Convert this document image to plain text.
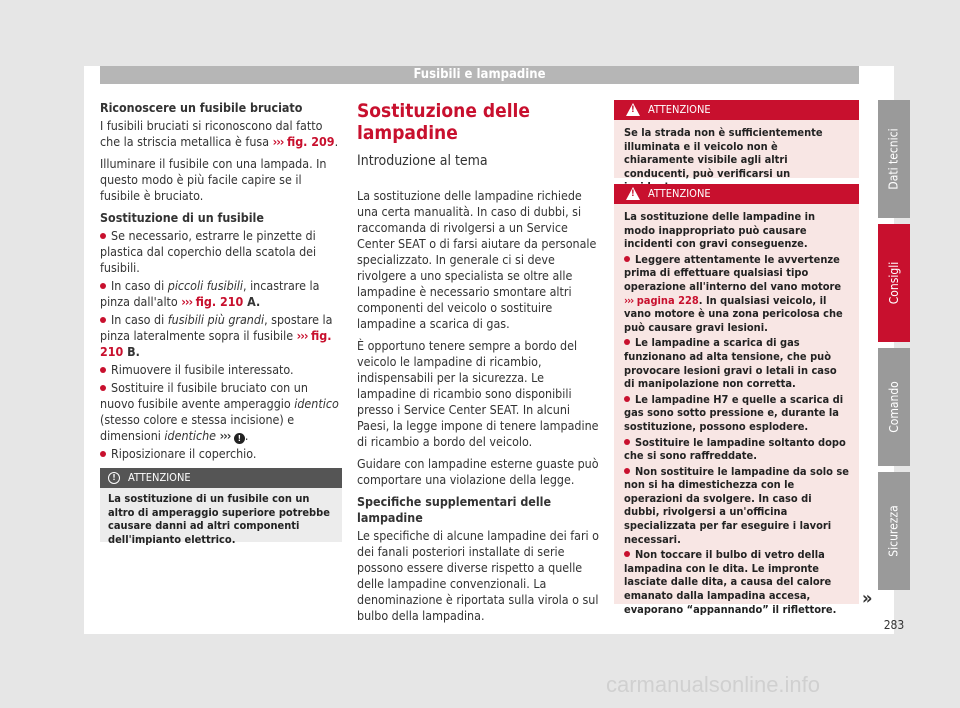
Fusibili e lampadine

Riconoscere un fusibile bruciato

I fusibili bruciati si riconoscono dal fatto che la striscia metallica è fusa ››› fig. 209.

Illuminare il fusibile con una lampada. In questo modo è più facile capire se il fusibile è bruciato.

Sostituzione di un fusibile

Se necessario, estrarre le pinzette di plastica dal coperchio della scatola dei fusibili.
In caso di piccoli fusibili, incastrare la pinza dall'alto ››› fig. 210 A.
In caso di fusibili più grandi, spostare la pinza lateralmente sopra il fusibile ››› fig. 210 B.
Rimuovere il fusibile interessato.
Sostituire il fusibile bruciato con un nuovo fusibile avente amperaggio identico (stesso colore e stessa incisione) e dimensioni identiche ››› ! .
Riposizionare il coperchio.
!	ATTENZIONE
La sostituzione di un fusibile con un altro di amperaggio superiore potrebbe causare danni ad altri componenti dell'impianto elettrico.
Sostituzione delle lampadine
Introduzione al tema

La sostituzione delle lampadine richiede una certa manualità. In caso di dubbi, si raccomanda di rivolgersi a un Service Center SEAT o di farsi aiutare da personale specializzato. In generale ci si deve rivolgere a uno specialista se oltre alle lampadine è necessario smontare altri componenti del veicolo o sostituire lampadine a scarica di gas.

È opportuno tenere sempre a bordo del veicolo le lampadine di ricambio, indispensabili per la sicurezza. Le lampadine di ricambio sono disponibili presso i Service Center SEAT. In alcuni Paesi, la legge impone di tenere lampadine di ricambio a bordo del veicolo.

Guidare con lampadine esterne guaste può comportare una violazione della legge.

Specifiche supplementari delle lampadine

Le specifiche di alcune lampadine dei fari o dei fanali posteriori installate di serie possono essere diverse rispetto a quelle delle lampadine convenzionali. La denominazione è riportata sulla virola o sul bulbo della lampadina.

!
ATTENZIONE
Se la strada non è sufficientemente illuminata e il veicolo non è chiaramente visibile agli altri conducenti, può verificarsi un
!
ATTENZIONE

La sostituzione delle lampadine in modo inappropriato può causare incidenti con gravi conseguenze.

Leggere attentamente le avvertenze prima di effettuare qualsiasi tipo operazione all'interno del vano motore ››› pagina 228. In qualsiasi veicolo, il vano motore è una zona pericolosa che può causare gravi lesioni.

Le lampadine a scarica di gas funzionano ad alta tensione, che può provocare lesioni gravi o letali in caso di manipolazione non corretta.

Le lampadine H7 e quelle a scarica di gas sono sotto pressione e, durante la sostituzione, possono esplodere.

Sostituire le lampadine soltanto dopo che si sono raffreddate.

Non sostituire le lampadine da solo se non si ha dimestichezza con le operazioni da svolgere. In caso di dubbi, rivolgersi a un'officina specializzata per far eseguire i lavori necessari.

Non toccare il bulbo di vetro della lampadina con le dita. Le impronte lasciate dalle dita, a causa del calore emanato dalla lampadina accesa, evaporano “appannando” il riflettore.

»
Dati tecnici
Consigli
Comando
Sicurezza
283
carmanualsonline.info
